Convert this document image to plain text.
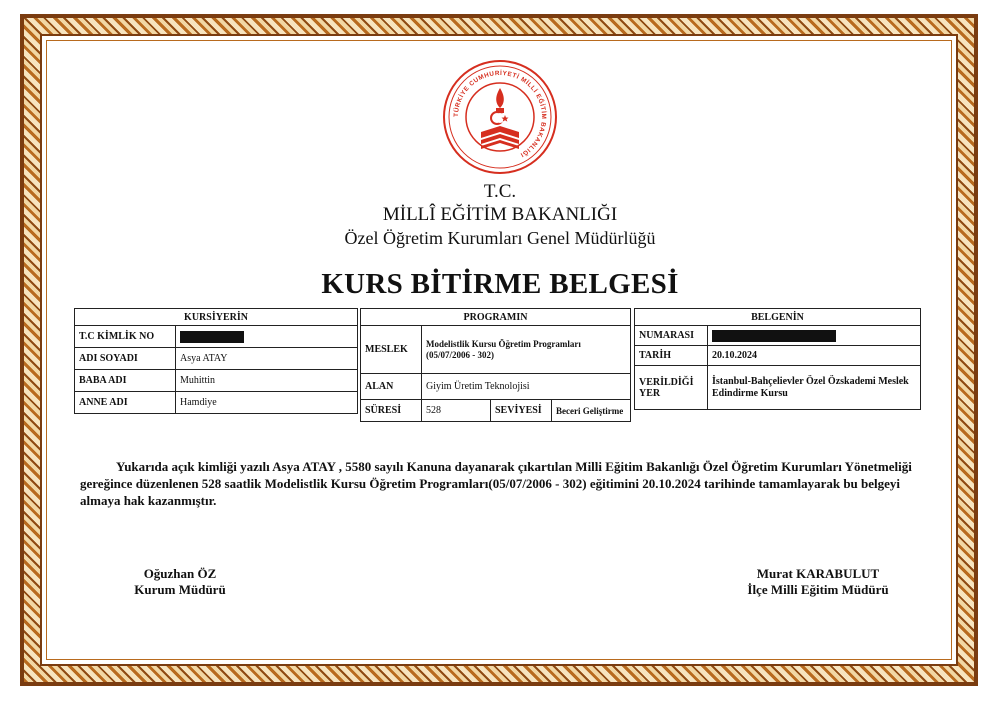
TÜRKİYE CUMHURİYETİ MİLLİ EĞİTİM BAKANLIĞI
T.C.
MİLLÎ EĞİTİM BAKANLIĞI
Özel Öğretim Kurumları Genel Müdürlüğü
KURS BİTİRME BELGESİ
KURSİYERİN	
T.C KİMLİK NO	
ADI SOYADI	Asya ATAY
BABA ADI	Muhittin
ANNE ADI	Hamdiye
PROGRAMIN			
MESLEK	Modelistlik Kursu Öğretim Programları (05/07/2006 - 302)		
ALAN	Giyim Üretim Teknolojisi		
SÜRESİ	528	SEVİYESİ	Beceri Geliştirme
BELGENİN	
NUMARASI	
TARİH	20.10.2024
VERİLDİĞİ YER	İstanbul-Bahçelievler Özel Özskademi Meslek Edindirme Kursu
Yukarıda açık kimliği yazılı Asya ATAY , 5580 sayılı Kanuna dayanarak çıkartılan Milli Eğitim Bakanlığı Özel Öğretim Kurumları Yönetmeliği gereğince düzenlenen 528 saatlik Modelistlik Kursu Öğretim Programları(05/07/2006 - 302) eğitimini 20.10.2024 tarihinde tamamlayarak bu belgeyi almaya hak kazanmıştır.
Oğuzhan ÖZ
Kurum Müdürü
Murat KARABULUT
İlçe Milli Eğitim Müdürü
